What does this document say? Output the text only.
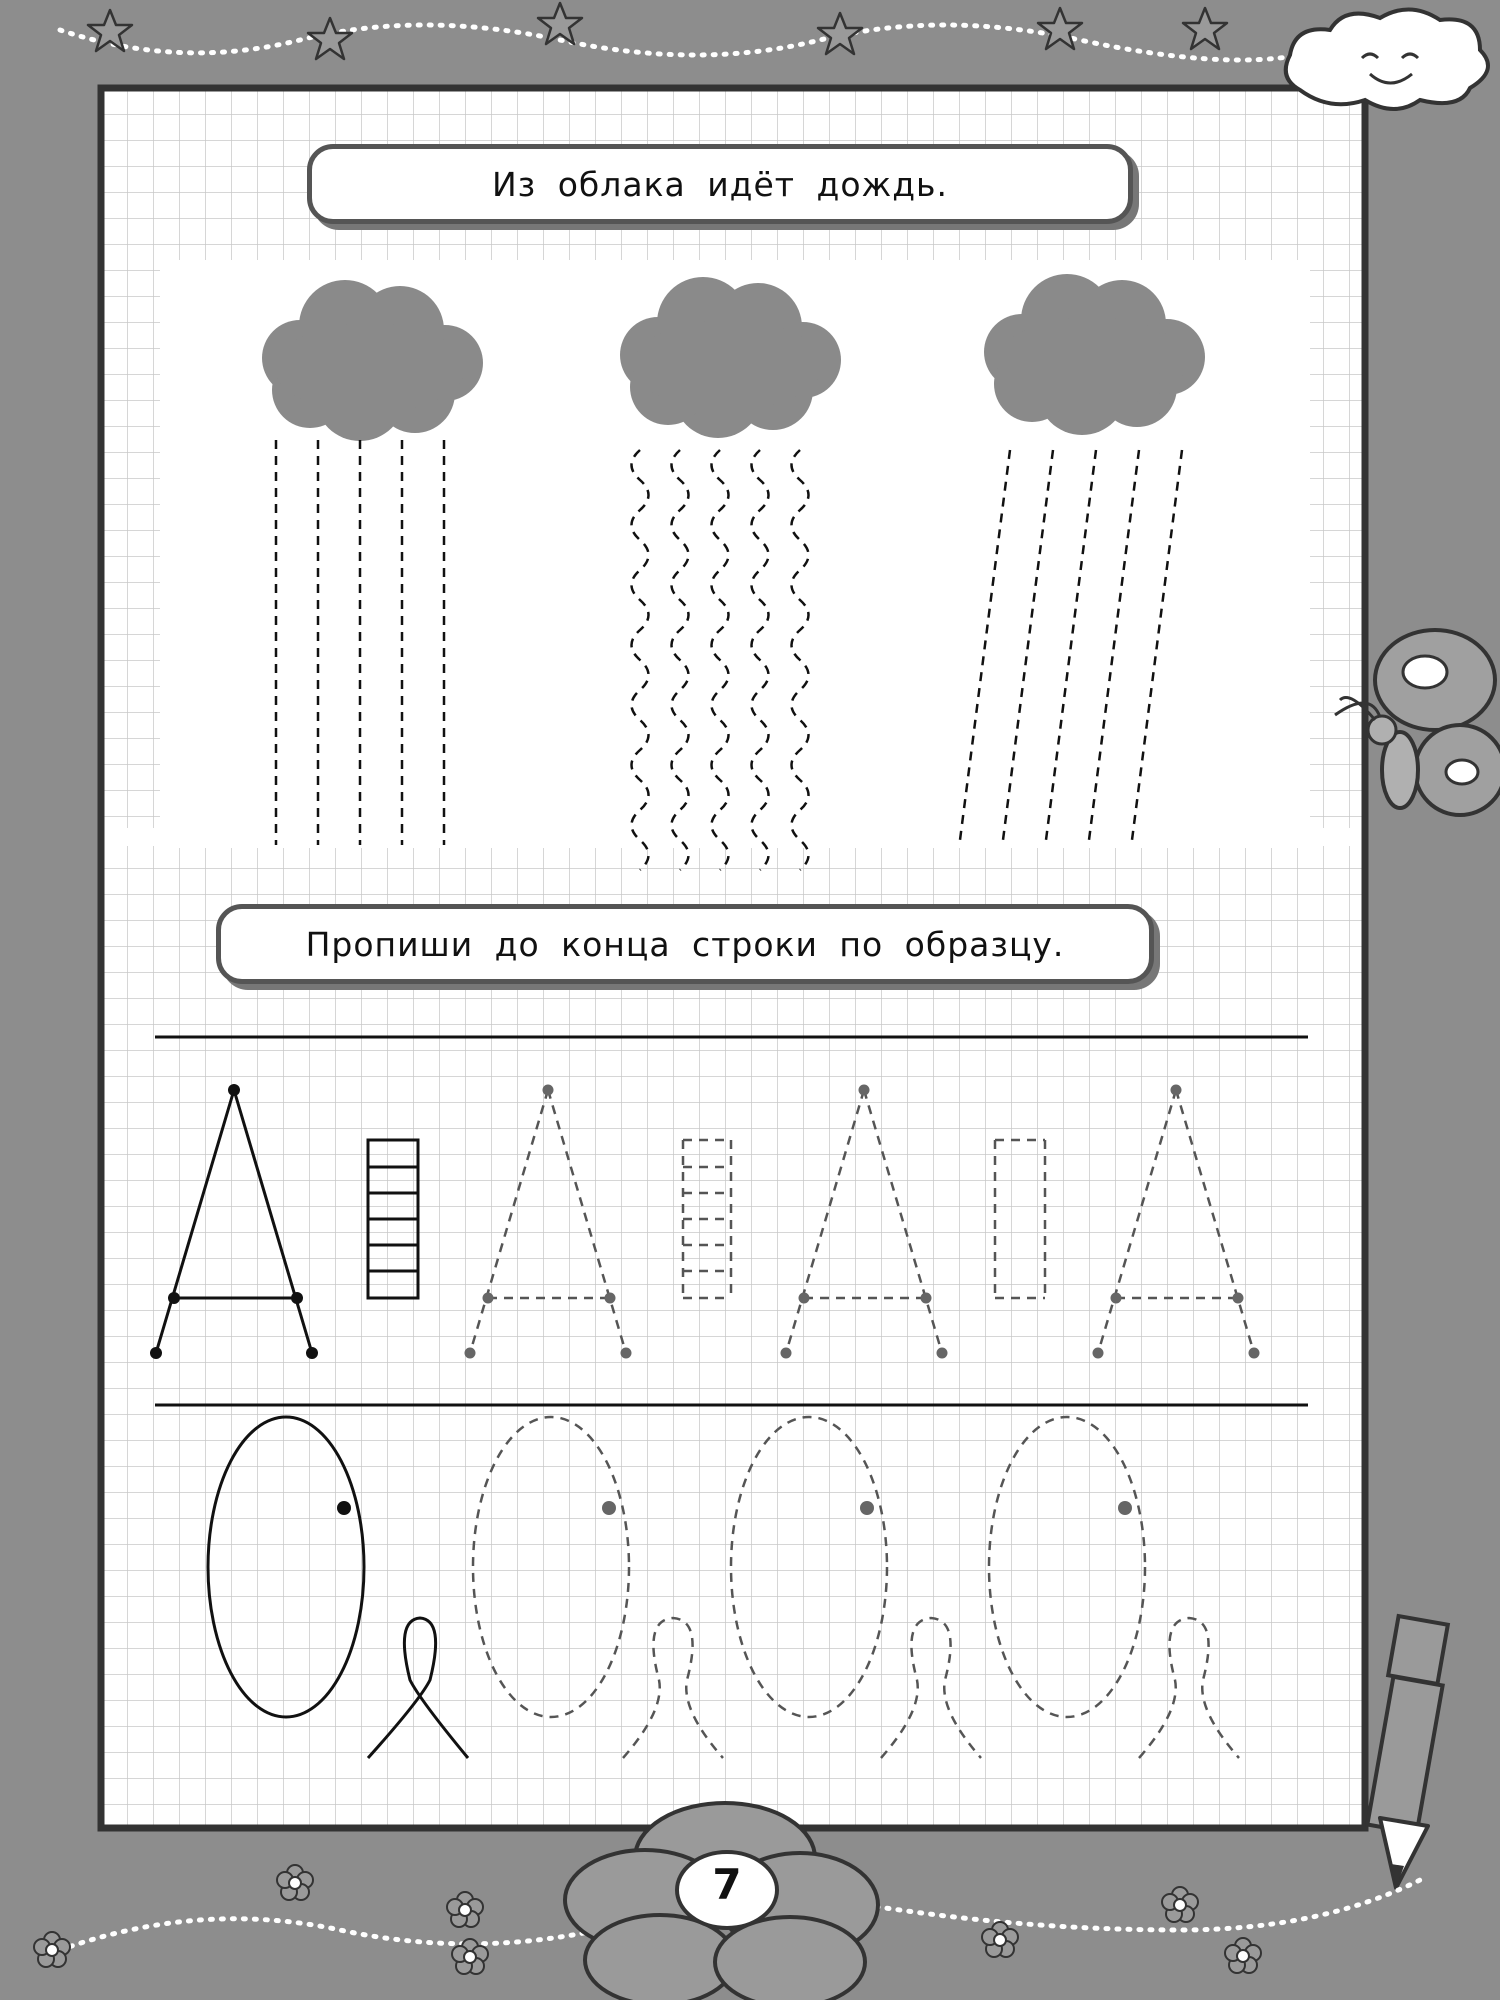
Из облака идёт дождь.
Пропиши до конца строки по образцу.
7
